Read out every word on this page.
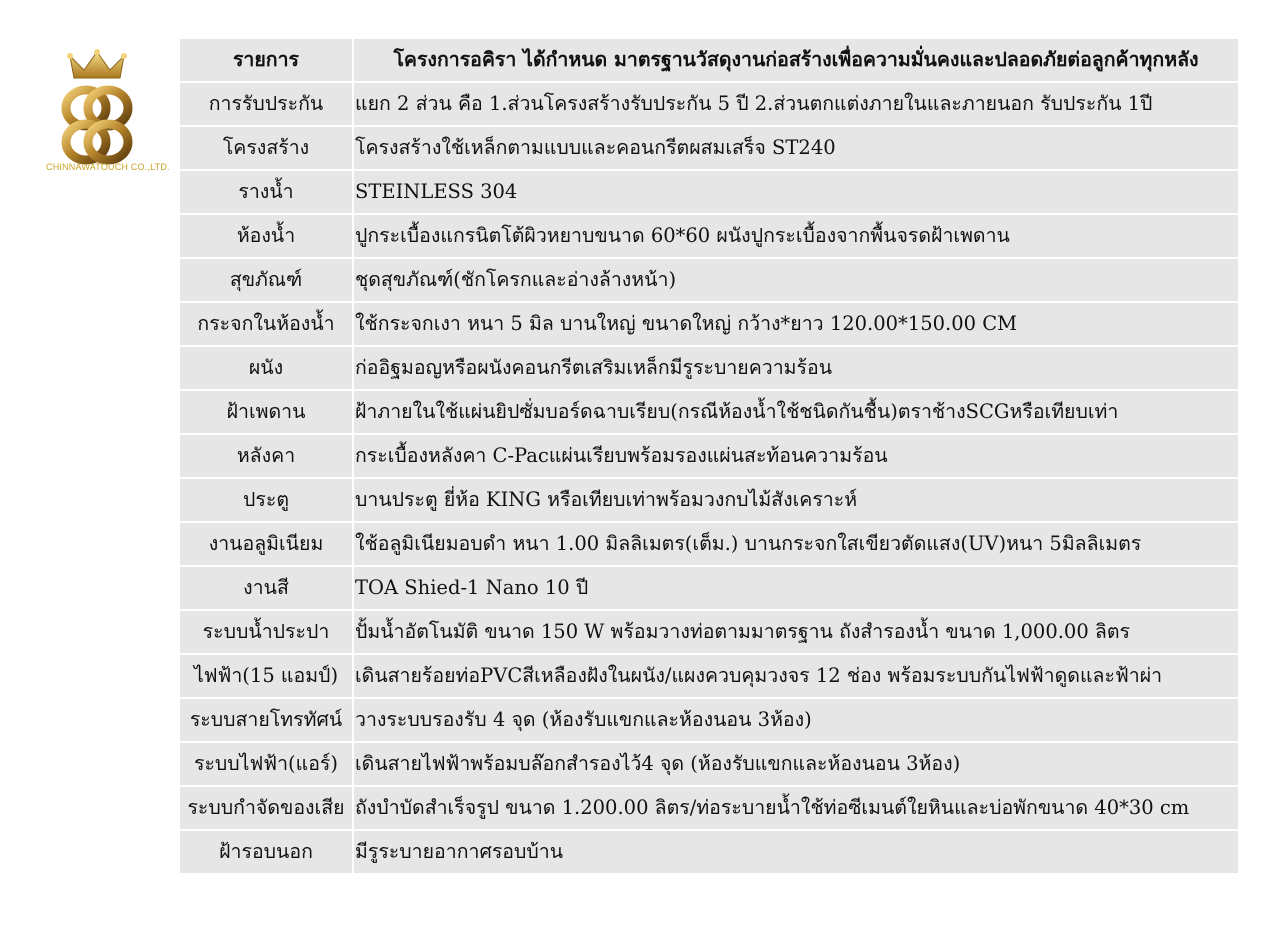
CHINNAWATOUCH CO.,LTD.
รายการ	โครงการอคิรา ได้กำหนด มาตรฐานวัสดุงานก่อสร้างเพื่อความมั่นคงและปลอดภัยต่อลูกค้าทุกหลัง
การรับประกัน	แยก 2 ส่วน คือ 1.ส่วนโครงสร้างรับประกัน 5 ปี 2.ส่วนตกแต่งภายในและภายนอก รับประกัน 1ปี
โครงสร้าง	โครงสร้างใช้เหล็กตามแบบและคอนกรีตผสมเสร็จ ST240
รางน้ำ	STEINLESS 304
ห้องน้ำ	ปูกระเบื้องแกรนิตโต้ผิวหยาบขนาด 60*60 ผนังปูกระเบื้องจากพื้นจรดฝ้าเพดาน
สุขภัณฑ์	ชุดสุขภัณฑ์(ชักโครกและอ่างล้างหน้า)
กระจกในห้องน้ำ	ใช้กระจกเงา หนา 5 มิล บานใหญ่ ขนาดใหญ่ กว้าง*ยาว 120.00*150.00 CM
ผนัง	ก่ออิฐมอญหรือผนังคอนกรีตเสริมเหล็กมีรูระบายความร้อน
ฝ้าเพดาน	ฝ้าภายในใช้แผ่นยิปซั่มบอร์ดฉาบเรียบ(กรณีห้องน้ำใช้ชนิดกันชื้น)ตราช้างSCGหรือเทียบเท่า
หลังคา	กระเบื้องหลังคา C-Pacแผ่นเรียบพร้อมรองแผ่นสะท้อนความร้อน
ประตู	บานประตู ยี่ห้อ KING หรือเทียบเท่าพร้อมวงกบไม้สังเคราะห์
งานอลูมิเนียม	ใช้อลูมิเนียมอบดำ หนา 1.00 มิลลิเมตร(เต็ม.) บานกระจกใสเขียวตัดแสง(UV)หนา 5มิลลิเมตร
งานสี	TOA Shied-1 Nano 10 ปี
ระบบน้ำประปา	ปั้มน้ำอัตโนมัติ ขนาด 150 W พร้อมวางท่อตามมาตรฐาน ถังสำรองน้ำ ขนาด 1,000.00 ลิตร
ไฟฟ้า(15 แอมป์)	เดินสายร้อยท่อPVCสีเหลืองฝังในผนัง/แผงควบคุมวงจร 12 ช่อง พร้อมระบบกันไฟฟ้าดูดและฟ้าผ่า
ระบบสายโทรทัศน์	วางระบบรองรับ 4 จุด (ห้องรับแขกและห้องนอน 3ห้อง)
ระบบไฟฟ้า(แอร์)	เดินสายไฟฟ้าพร้อมบล๊อกสำรองไว้4 จุด (ห้องรับแขกและห้องนอน 3ห้อง)
ระบบกำจัดของเสีย	ถังบำบัดสำเร็จรูป ขนาด 1.200.00 ลิตร/ท่อระบายน้ำใช้ท่อซีเมนต์ใยหินและบ่อพักขนาด 40*30 cm
ฝ้ารอบนอก	มีรูระบายอากาศรอบบ้าน
